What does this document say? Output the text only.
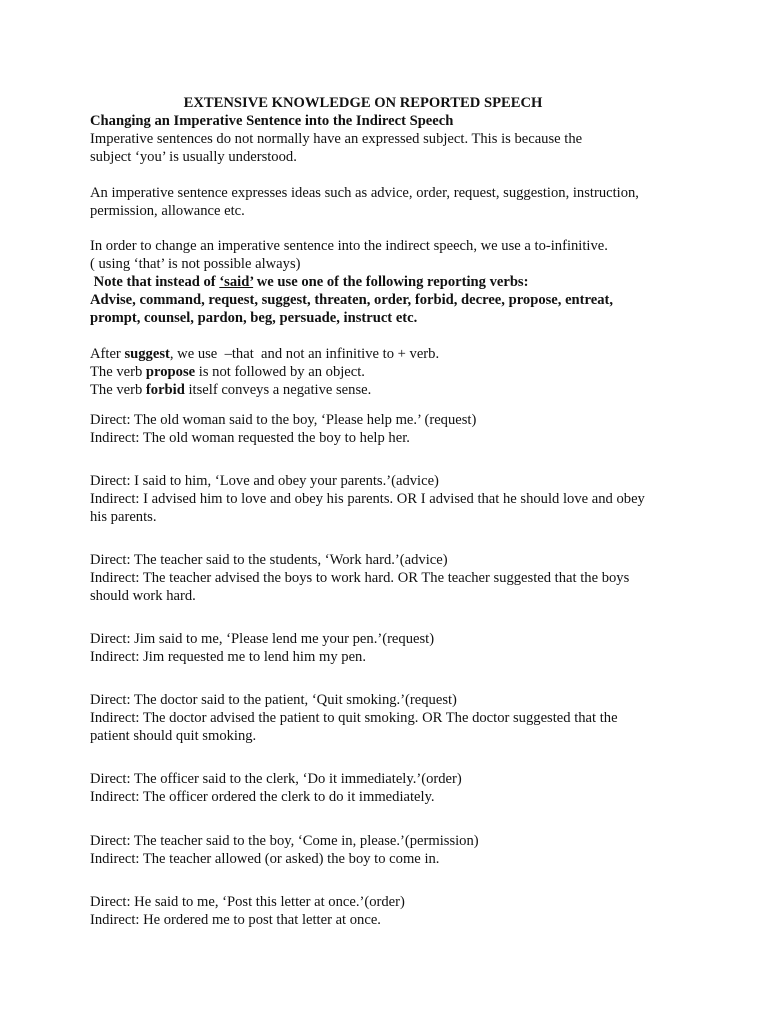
EXTENSIVE KNOWLEDGE ON REPORTED SPEECH
Changing an Imperative Sentence into the Indirect Speech
Imperative sentences do not normally have an expressed subject. This is because the
subject ‘you’ is usually understood.
An imperative sentence expresses ideas such as advice, order, request, suggestion, instruction,
permission, allowance etc.
In order to change an imperative sentence into the indirect speech, we use a to-infinitive.
( using ‘that’ is not possible always)
Note that instead of ‘said’ we use one of the following reporting verbs:
Advise, command, request, suggest, threaten, order, forbid, decree, propose, entreat,
prompt, counsel, pardon, beg, persuade, instruct etc.
After suggest, we use  –that  and not an infinitive to + verb.
The verb propose is not followed by an object.
The verb forbid itself conveys a negative sense.
Direct: The old woman said to the boy, ‘Please help me.’ (request)
Indirect: The old woman requested the boy to help her.
Direct: I said to him, ‘Love and obey your parents.’(advice)
Indirect: I advised him to love and obey his parents. OR I advised that he should love and obey
his parents.
Direct: The teacher said to the students, ‘Work hard.’(advice)
Indirect: The teacher advised the boys to work hard. OR The teacher suggested that the boys
should work hard.
Direct: Jim said to me, ‘Please lend me your pen.’(request)
Indirect: Jim requested me to lend him my pen.
Direct: The doctor said to the patient, ‘Quit smoking.’(request)
Indirect: The doctor advised the patient to quit smoking. OR The doctor suggested that the
patient should quit smoking.
Direct: The officer said to the clerk, ‘Do it immediately.’(order)
Indirect: The officer ordered the clerk to do it immediately.
Direct: The teacher said to the boy, ‘Come in, please.’(permission)
Indirect: The teacher allowed (or asked) the boy to come in.
Direct: He said to me, ‘Post this letter at once.’(order)
Indirect: He ordered me to post that letter at once.
